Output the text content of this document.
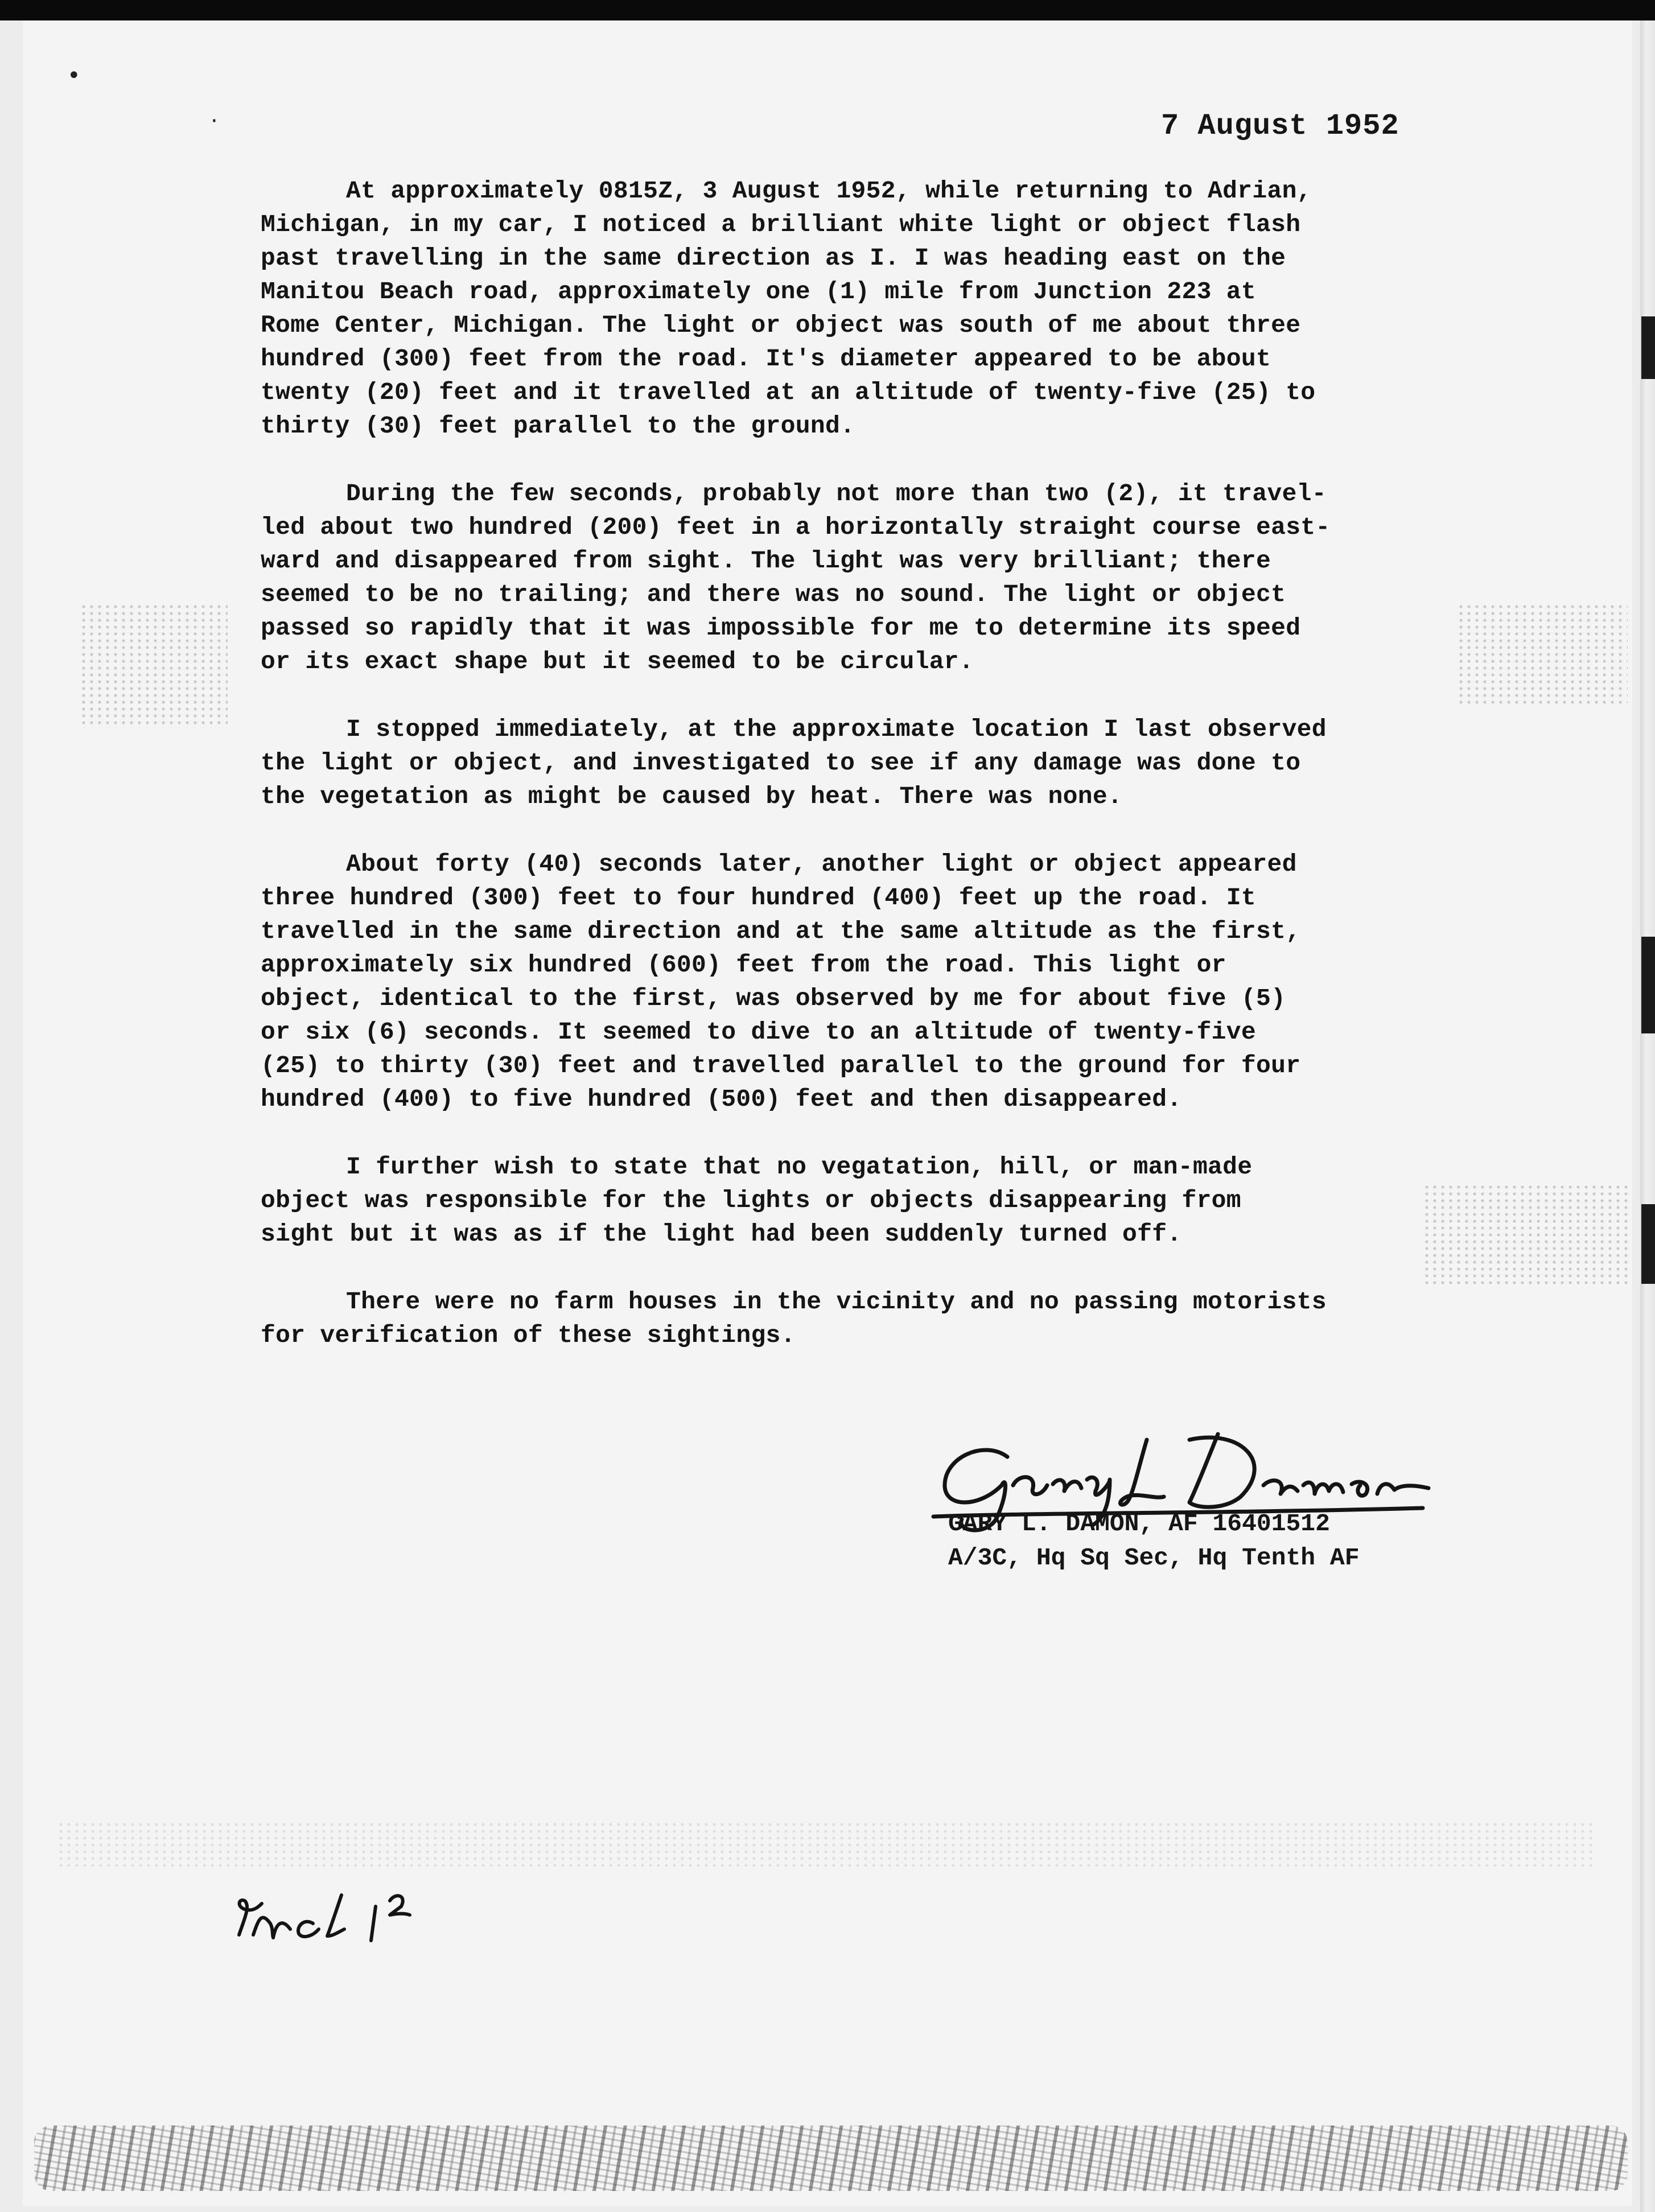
•
·	7 August 1952
At approximately 0815Z, 3 August 1952, while returning to Adrian,
Michigan, in my car, I noticed a brilliant white light or object flash
past travelling in the same direction as I. I was heading east on the
Manitou Beach road, approximately one (1) mile from Junction 223 at
Rome Center, Michigan. The light or object was south of me about three
hundred (300) feet from the road. It's diameter appeared to be about
twenty (20) feet and it travelled at an altitude of twenty-five (25) to
thirty (30) feet parallel to the ground.
During the few seconds, probably not more than two (2), it travel-
led about two hundred (200) feet in a horizontally straight course east-
ward and disappeared from sight. The light was very brilliant; there
seemed to be no trailing; and there was no sound. The light or object
passed so rapidly that it was impossible for me to determine its speed
or its exact shape but it seemed to be circular.
I stopped immediately, at the approximate location I last observed
the light or object, and investigated to see if any damage was done to
the vegetation as might be caused by heat. There was none.
About forty (40) seconds later, another light or object appeared
three hundred (300) feet to four hundred (400) feet up the road. It
travelled in the same direction and at the same altitude as the first,
approximately six hundred (600) feet from the road. This light or
object, identical to the first, was observed by me for about five (5)
or six (6) seconds. It seemed to dive to an altitude of twenty-five
(25) to thirty (30) feet and travelled parallel to the ground for four
hundred (400) to five hundred (500) feet and then disappeared.
I further wish to state that no vegatation, hill, or man-made
object was responsible for the lights or objects disappearing from
sight but it was as if the light had been suddenly turned off.
There were no farm houses in the vicinity and no passing motorists
for verification of these sightings.
GARY L. DAMON, AF 16401512
A/3C, Hq Sq Sec, Hq Tenth AF
